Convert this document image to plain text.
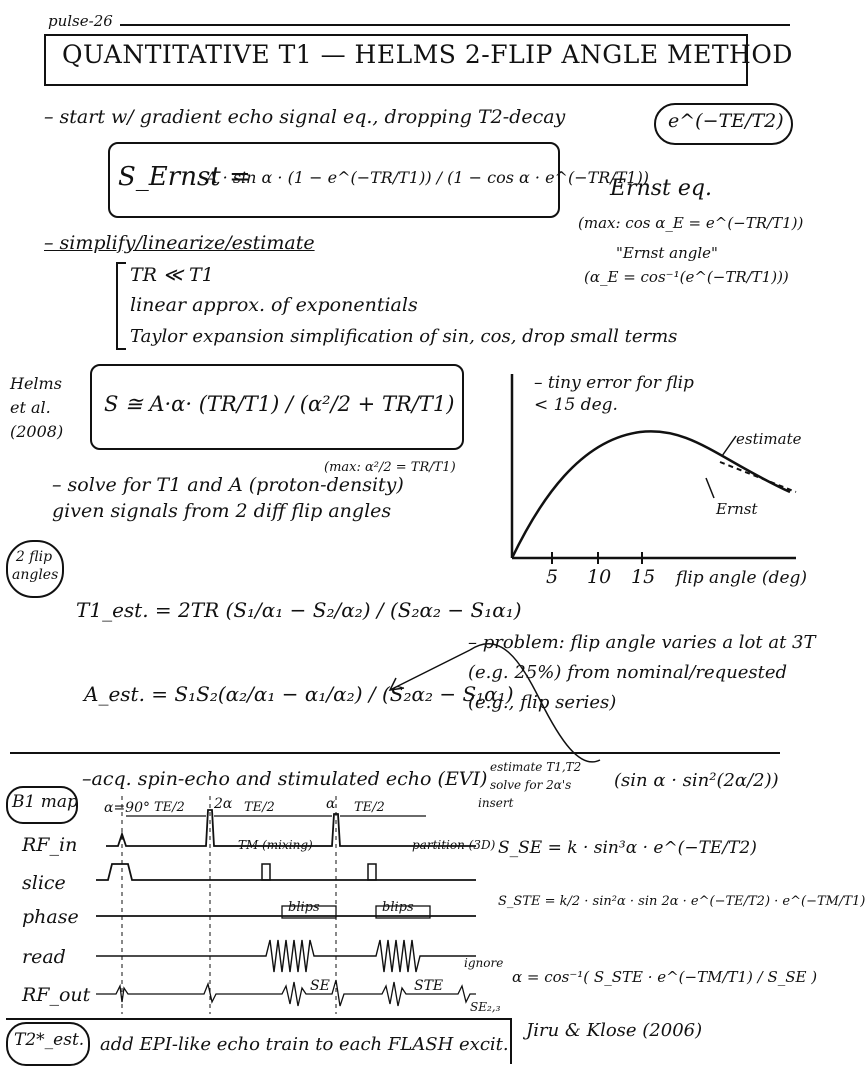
pulse-26
QUANTITATIVE T1 — HELMS 2-FLIP ANGLE METHOD
– start w/ gradient echo signal eq., dropping T2-decay	e^(−TE/T2)
S_Ernst =
A · sin α · (1 − e^(−TR/T1)) / (1 − cos α · e^(−TR/T1))
Ernst eq.
(max: cos α_E = e^(−TR/T1))
"Ernst angle"
(α_E = cos⁻¹(e^(−TR/T1)))
– simplify/linearize/estimate
TR ≪ T1
linear approx. of exponentials
Taylor expansion simplification of sin, cos, drop small terms
Helms et al. (2008)
S ≅ A·α· (TR/T1) / (α²/2 + TR/T1)
(max: α²/2 = TR/T1)
– solve for T1 and A (proton-density) given signals from 2 diff flip angles
2 flip angles
T1_est. = 2TR (S₁/α₁ − S₂/α₂) / (S₂α₂ − S₁α₁)
A_est. = S₁S₂(α₂/α₁ − α₁/α₂) / (S₂α₂ − S₁α₁)
– tiny error for flip < 15 deg.
estimate
Ernst
5 10 15 flip angle (deg)
– problem: flip angle varies a lot at 3T (e.g. 25%) from nominal/requested (e.g., flip series)
B1 map
–acq. spin-echo and stimulated echo (EVI)
estimate T1,T2
solve for 2α's
insert
(sin α · sin²(2α/2))
α=90° TE/2 2α TE/2	α TE/2
TM (mixing)	partition (3D)
RF_in
slice
phase
read
RF_out
blips	blips
SE	STE
ignore
SE₂,₃
S_SE = k · sin³α · e^(−TE/T2)
S_STE = k/2 · sin²α · sin 2α · e^(−TE/T2) · e^(−TM/T1)
α = cos⁻¹( S_STE · e^(−TM/T1) / S_SE )
Jiru & Klose (2006)
T2*_est. add EPI-like echo train to each FLASH excit.
